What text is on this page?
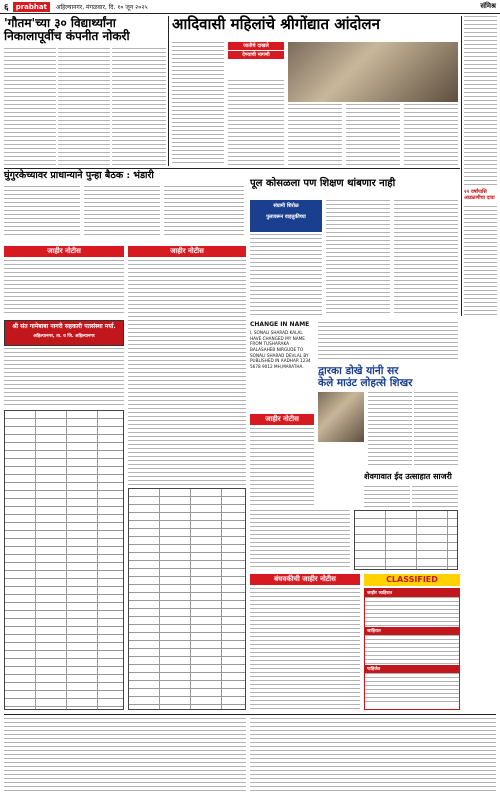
६	prabhat	अहिल्यानगर, मंगळवार, दि. १० जून २०२५	संमिश्र
'गौतम'च्या ३० विद्यार्थ्यांना
निकालापूर्वीच कंपनीत नोकरी
आदिवासी महिलांचे श्रीगोंद्यात आंदोलन
जातीचे दाखले
देण्याची मागणी
२२ वर्षांपासि
आडळणीचा दावा
घुंगुरकेच्यावर प्राधान्याने पुन्हा बैठक : भंडारी
पूल कोसळला पण शिक्षण थांबणार नाही
संग्रामी शिरोळ
पुलावरून वाहतुकीच्या
जाहीर नोटीस	जाहीर नोटीस
श्री संत गामेबाबा नागरी सहकारी पतसंस्था मर्या.
अहिल्यानगर, ता. व जि. अहिल्यानगर
CHANGE IN NAME
I, SONALI SHARAD KALAL HAVE CHANGED MY NAME FROM TUSHARAKA BALASAHEB NIRGUDE TO SONALI SHARAD DEVLAL BY PUBLISHED IN AADHAR 1234 5678 9012 MH,MARATHA.	द्वारका डोखे यांनी सर
केले माउंट लोहत्से शिखर
जाहीर नोटीस
बंधवकीची जाहीर नोटीस
शेवगावात ईद उत्साहात साजरी
CLASSIFIED
जाहीर जाहिरात
जाहिरात
पाहिजेत
